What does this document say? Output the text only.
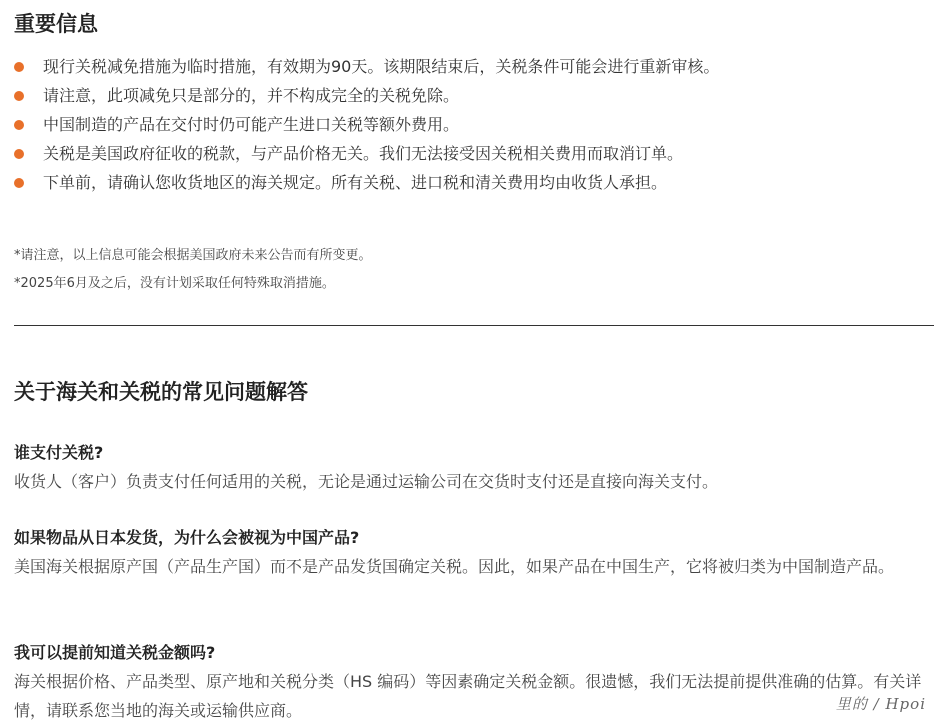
重要信息
现行关税减免措施为临时措施，有效期为90天。该期限结束后，关税条件可能会进行重新审核。
请注意，此项减免只是部分的，并不构成完全的关税免除。
中国制造的产品在交付时仍可能产生进口关税等额外费用。
关税是美国政府征收的税款，与产品价格无关。我们无法接受因关税相关费用而取消订单。
下单前，请确认您收货地区的海关规定。所有关税、进口税和清关费用均由收货人承担。
*请注意，以上信息可能会根据美国政府未来公告而有所变更。
*2025年6月及之后，没有计划采取任何特殊取消措施。
关于海关和关税的常见问题解答
谁支付关税?
收货人（客户）负责支付任何适用的关税，无论是通过运输公司在交货时支付还是直接向海关支付。
如果物品从日本发货，为什么会被视为中国产品?
美国海关根据原产国（产品生产国）而不是产品发货国确定关税。因此，如果产品在中国生产，它将被归类为中国制造产品。
我可以提前知道关税金额吗?
海关根据价格、产品类型、原产地和关税分类（HS 编码）等因素确定关税金额。很遗憾，我们无法提前提供准确的估算。有关详情，请联系您当地的海关或运输供应商。	里的 / Hpoi
